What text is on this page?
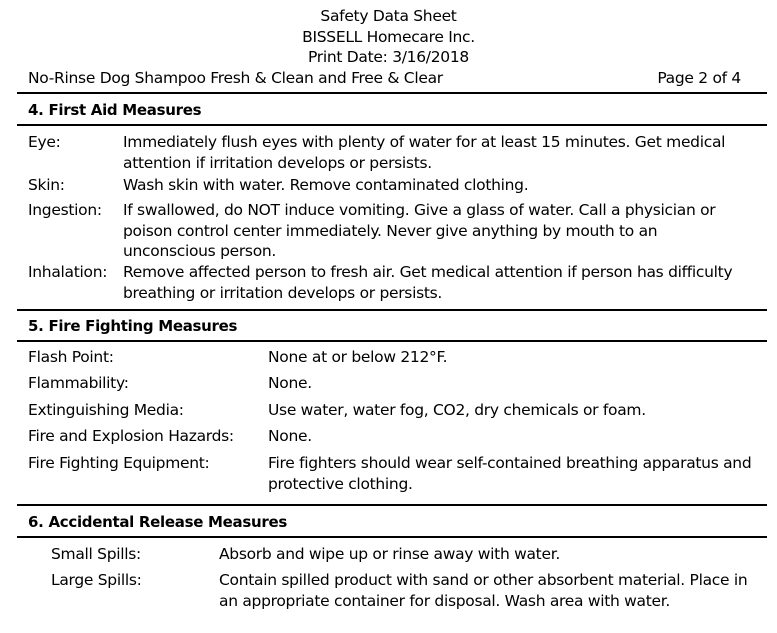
Safety Data Sheet
BISSELL Homecare Inc.
Print Date: 3/16/2018
No-Rinse Dog Shampoo Fresh & Clean and Free & Clear	Page 2 of 4
4. First Aid Measures
Eye:	Immediately flush eyes with plenty of water for at least 15 minutes. Get medical attention if irritation develops or persists.
Skin:	Wash skin with water. Remove contaminated clothing.
Ingestion: If swallowed, do NOT induce vomiting. Give a glass of water. Call a physician or poison control center immediately. Never give anything by mouth to an unconscious person.
Inhalation: Remove affected person to fresh air. Get medical attention if person has difficulty breathing or irritation develops or persists.
5. Fire Fighting Measures
Flash Point:	None at or below 212°F.
Flammability:	None.
Extinguishing Media:	Use water, water fog, CO2, dry chemicals or foam.
Fire and Explosion Hazards: None.
Fire Fighting Equipment:	Fire fighters should wear self-contained breathing apparatus and protective clothing.
6. Accidental Release Measures
Small Spills:	Absorb and wipe up or rinse away with water.
Large Spills:	Contain spilled product with sand or other absorbent material. Place in an appropriate container for disposal. Wash area with water.
